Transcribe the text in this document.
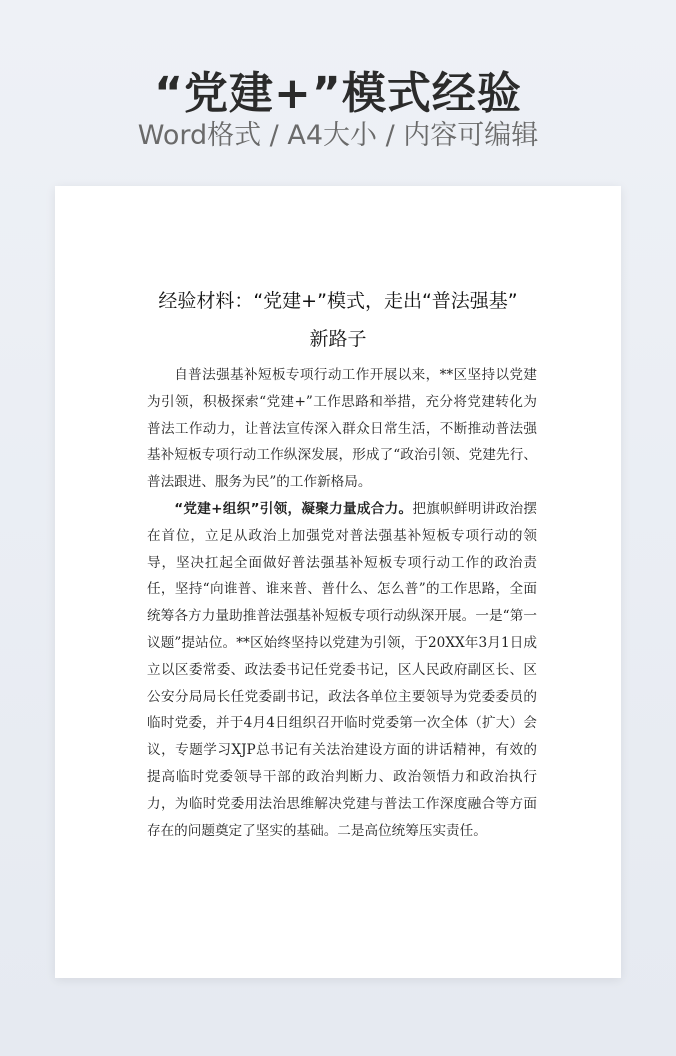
“党建+”模式经验
Word格式 / A4大小 / 内容可编辑
经验材料：“党建+”模式，走出“普法强基”
新路子

自普法强基补短板专项行动工作开展以来，**区坚持以党建为引领，积极探索“党建+”工作思路和举措，充分将党建转化为普法工作动力，让普法宣传深入群众日常生活，不断推动普法强基补短板专项行动工作纵深发展，形成了“政治引领、党建先行、普法跟进、服务为民”的工作新格局。

“党建+组织”引领，凝聚力量成合力。把旗帜鲜明讲政治摆在首位，立足从政治上加强党对普法强基补短板专项行动的领导，坚决扛起全面做好普法强基补短板专项行动工作的政治责任，坚持“向谁普、谁来普、普什么、怎么普”的工作思路，全面统筹各方力量助推普法强基补短板专项行动纵深开展。一是“第一议题”提站位。**区始终坚持以党建为引领，于20XX年3月1日成立以区委常委、政法委书记任党委书记，区人民政府副区长、区公安分局局长任党委副书记，政法各单位主要领导为党委委员的临时党委，并于4月4日组织召开临时党委第一次全体（扩大）会议，专题学习XJP总书记有关法治建设方面的讲话精神，有效的提高临时党委领导干部的政治判断力、政治领悟力和政治执行力，为临时党委用法治思维解决党建与普法工作深度融合等方面存在的问题奠定了坚实的基础。二是高位统筹压实责任。
